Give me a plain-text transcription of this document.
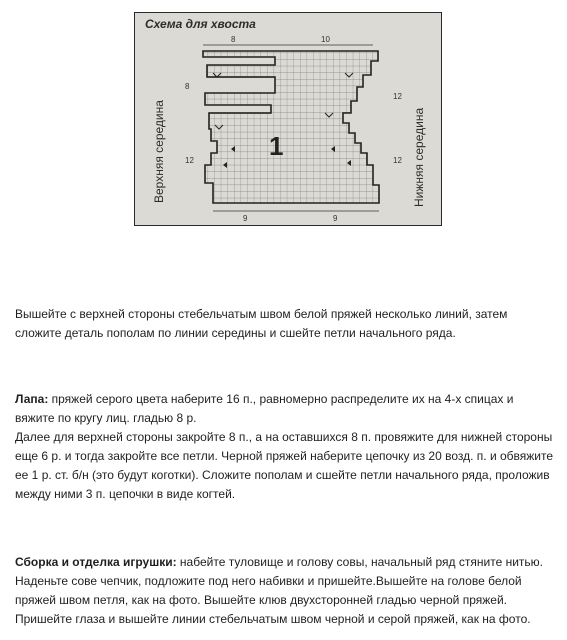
Схема для хвоста
8	10
1
8
12
12
12
Верхняя середина	Нижняя середина
9	9

Вышейте с верхней стороны стебельчатым швом белой пряжей несколько линий, затем сложите деталь пополам по линии середины и сшейте петли начального ряда.

Лапа: пряжей серого цвета наберите 16 п., равномерно распределите их на 4-х спицах и вяжите по кругу лиц. гладью 8 р.

Далее для верхней стороны закройте 8 п., а на оставшихся 8 п. провяжите для нижней стороны еще 6 р. и тогда закройте все петли. Черной пряжей наберите цепочку из 20 возд. п. и обвяжите ее 1 р. ст. б/н (это будут коготки). Сложите пополам и сшейте петли начального ряда, проложив между ними 3 п. цепочки в виде когтей.

Сборка и отделка игрушки: набейте туловище и голову совы, начальный ряд стяните нитью. Наденьте сове чепчик, подложите под него набивки и пришейте.Вышейте на голове белой пряжей швом петля, как на фото. Вышейте клюв двухсторонней гладью черной пряжей. Пришейте глаза и вышейте линии стебельчатым швом черной и серой пряжей, как на фото.
